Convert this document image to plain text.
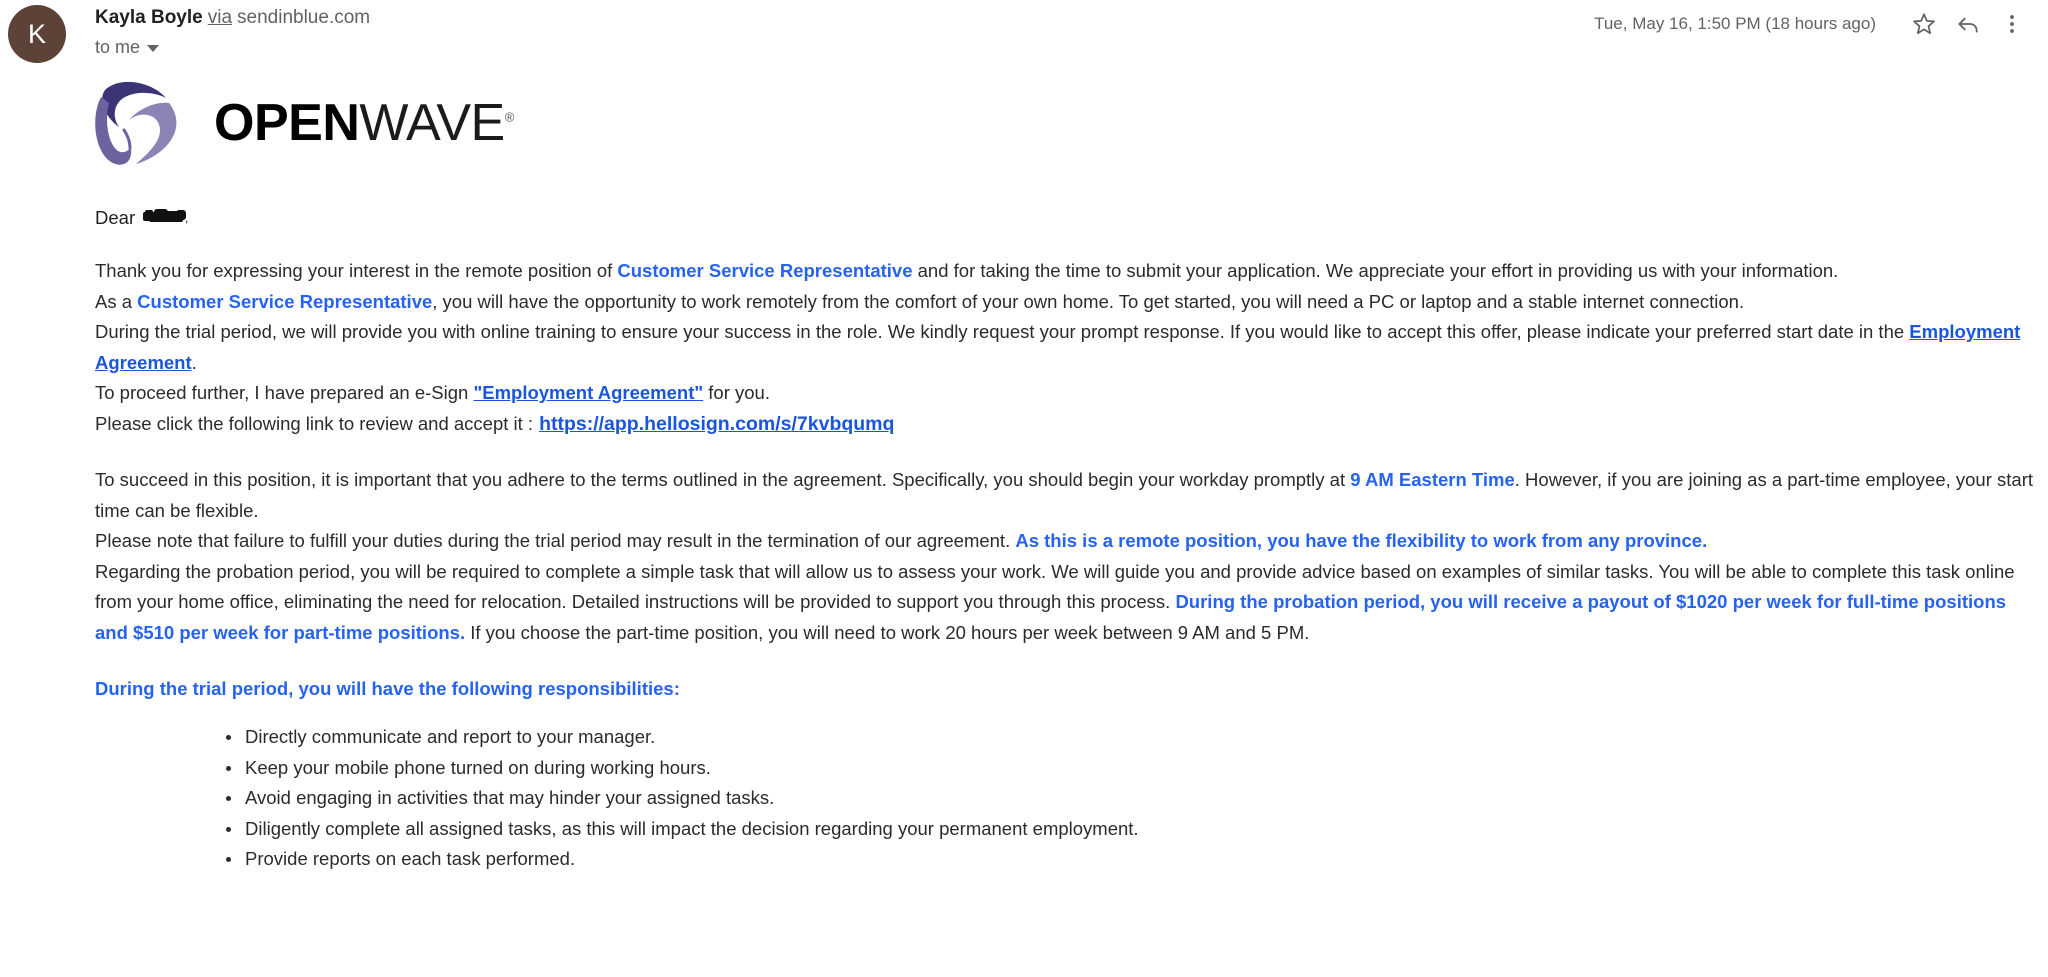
K
Kayla Boyle via sendinblue.com
to me
Tue, May 16, 1:50 PM (18 hours ago)
OPENWAVE®

Dear	,

Thank you for expressing your interest in the remote position of Customer Service Representative and for taking the time to submit your application. We appreciate your effort in providing us with your information.

As a Customer Service Representative, you will have the opportunity to work remotely from the comfort of your own home. To get started, you will need a PC or laptop and a stable internet connection.

During the trial period, we will provide you with online training to ensure your success in the role. We kindly request your prompt response. If you would like to accept this offer, please indicate your preferred start date in the Employment Agreement.

To proceed further, I have prepared an e-Sign "Employment Agreement" for you.

Please click the following link to review and accept it : https://app.hellosign.com/s/7kvbqumq

To succeed in this position, it is important that you adhere to the terms outlined in the agreement. Specifically, you should begin your workday promptly at 9 AM Eastern Time. However, if you are joining as a part-time employee, your start time can be flexible.

Please note that failure to fulfill your duties during the trial period may result in the termination of our agreement. As this is a remote position, you have the flexibility to work from any province.

Regarding the probation period, you will be required to complete a simple task that will allow us to assess your work. We will guide you and provide advice based on examples of similar tasks. You will be able to complete this task online from your home office, eliminating the need for relocation. Detailed instructions will be provided to support you through this process. During the probation period, you will receive a payout of $1020 per week for full-time positions and $510 per week for part-time positions. If you choose the part-time position, you will need to work 20 hours per week between 9 AM and 5 PM.

During the trial period, you will have the following responsibilities:

Directly communicate and report to your manager.
Keep your mobile phone turned on during working hours.
Avoid engaging in activities that may hinder your assigned tasks.
Diligently complete all assigned tasks, as this will impact the decision regarding your permanent employment.
Provide reports on each task performed.
